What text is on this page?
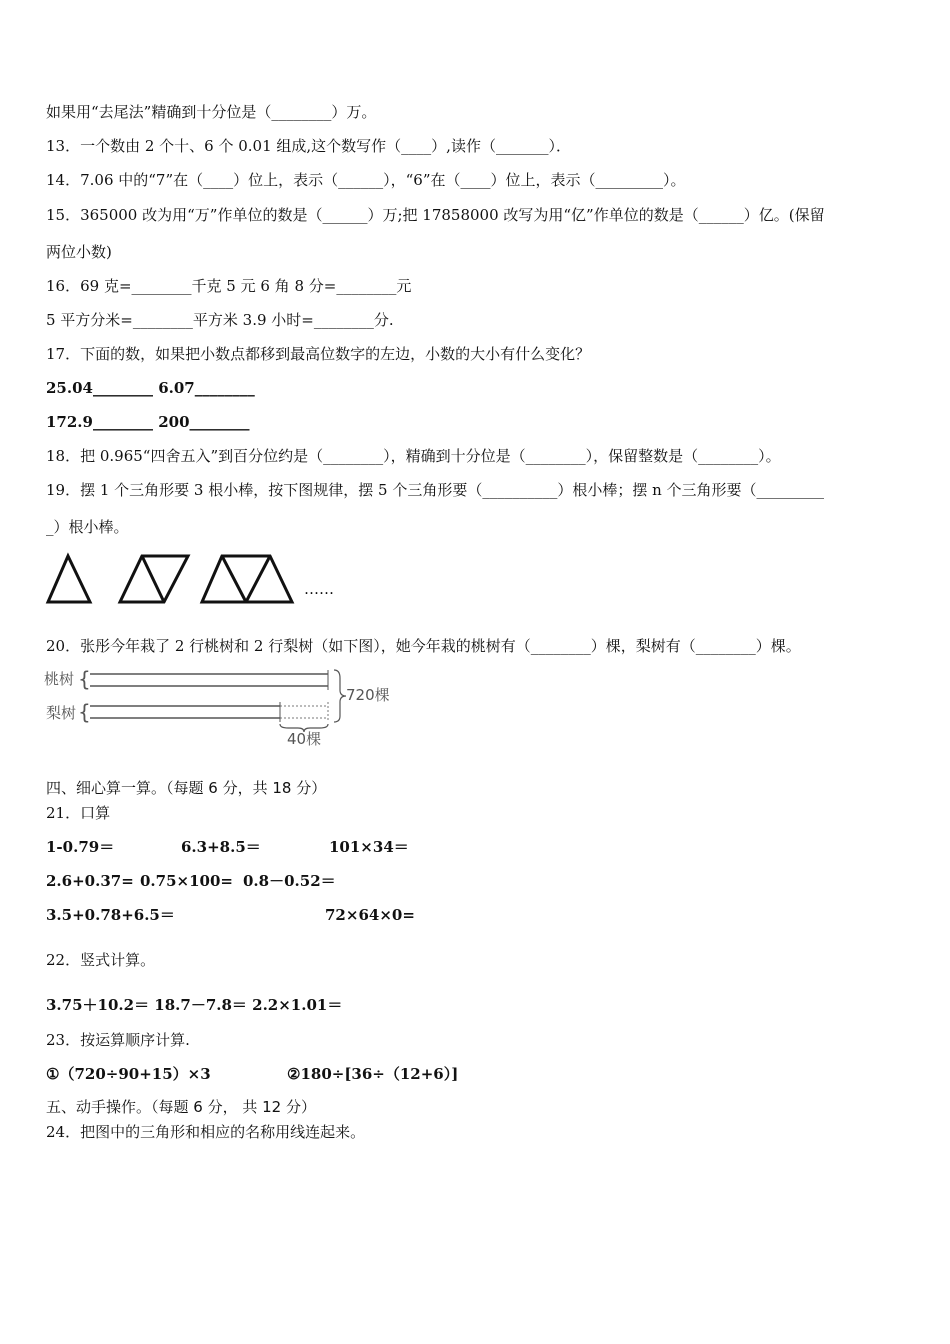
如果用“去尾法”精确到十分位是（________）万。
13．一个数由 2 个十、6 个 0.01 组成,这个数写作（____）,读作（_______）．
14．7.06 中的“7”在（____）位上，表示（______），“6”在（____）位上，表示（_________）。
15．365000 改为用“万”作单位的数是（______）万;把 17858000 改写为用“亿”作单位的数是（______）亿。(保留
两位小数)
16．69 克=________千克 5 元 6 角 8 分=________元
5 平方分米=________平方米 3.9 小时=________分.
17．下面的数，如果把小数点都移到最高位数字的左边，小数的大小有什么变化？
25.04________ 6.07________
172.9________ 200________
18．把 0.965“四舍五入”到百分位约是（________），精确到十分位是（________），保留整数是（________）。
19．摆 1 个三角形要 3 根小棒，按下图规律，摆 5 个三角形要（__________）根小棒；摆 n 个三角形要（_________
_）根小棒。
……
20．张彤今年栽了 2 行桃树和 2 行梨树（如下图），她今年栽的桃树有（________）棵，梨树有（________）棵。
桃树 {
梨树 {
720棵
40棵
四、细心算一算。（每题 6 分，共 18 分）
21．口算
1-0.79＝	6.3+8.5＝	101×34＝
2.6+0.37= 0.75×100= 0.8－0.52＝
3.5+0.78+6.5＝	72×64×0=
22．竖式计算。
3.75＋10.2＝ 18.7－7.8＝ 2.2×1.01＝
23．按运算顺序计算.
①（720÷90+15）×3	②180÷[36÷（12+6）]
五、动手操作。（每题 6 分， 共 12 分）
24．把图中的三角形和相应的名称用线连起来。
